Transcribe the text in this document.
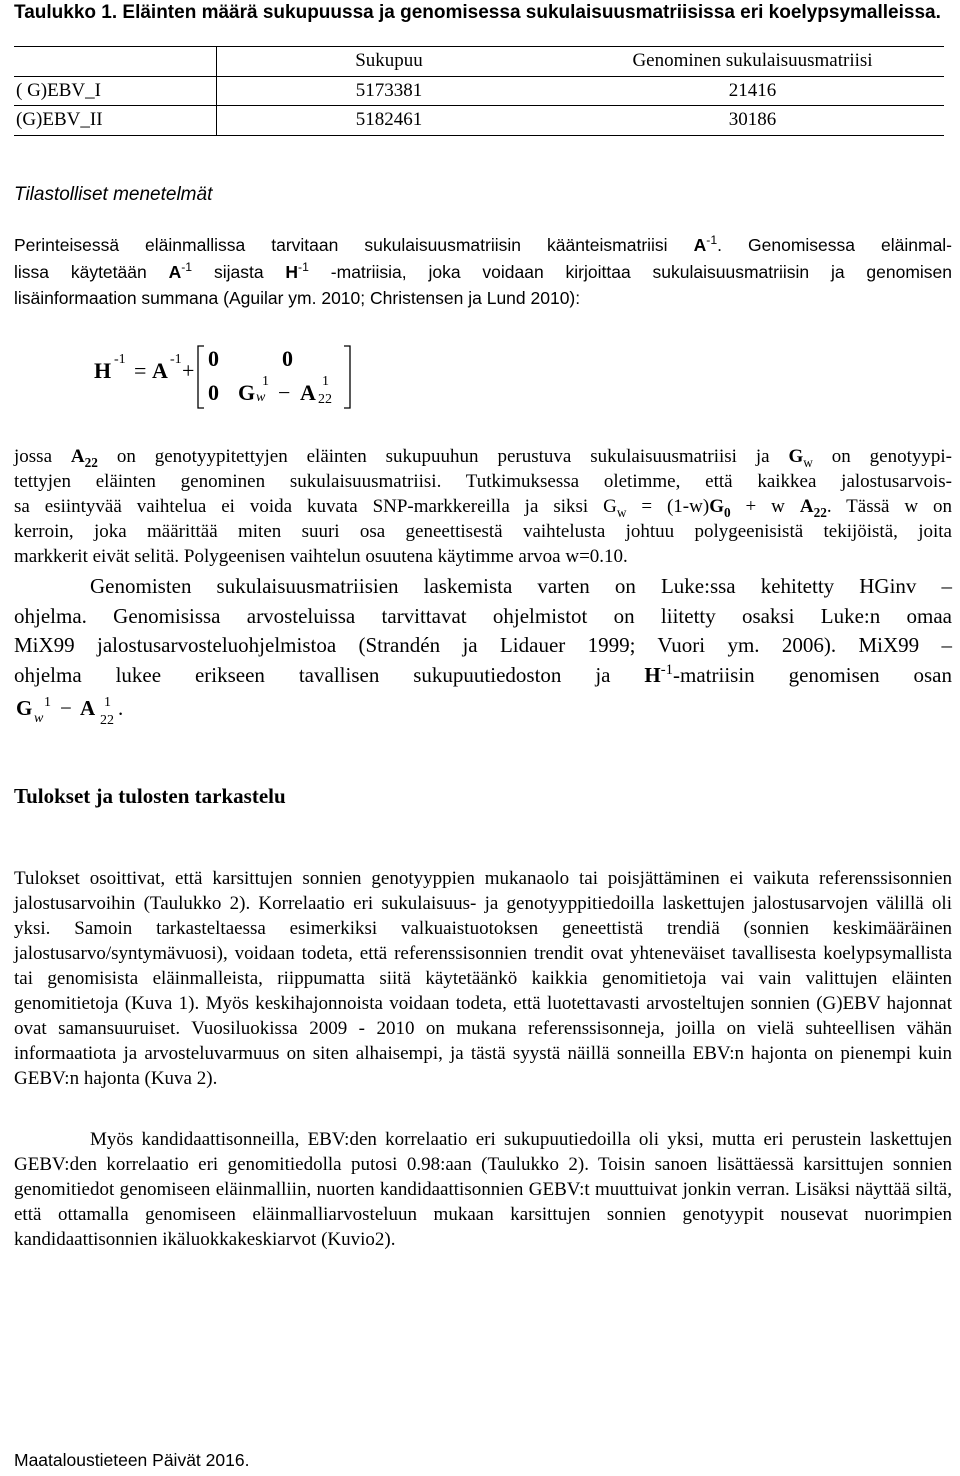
Taulukko 1. Eläinten määrä sukupuussa ja genomisessa sukulaisuusmatriisissa eri koelypsymalleissa.
	Sukupuu	Genominen sukulaisuusmatriisi
( G)EBV_I	5173381	21416
(G)EBV_II	5182461	30186
Tilastolliset menetelmät
Perinteisessä eläinmallissa tarvitaan sukulaisuusmatriisin käänteismatriisi $A^{-1}$. Genomisessa eläinmal-
lissa käytetään $A^{-1}$ sijasta $H^{-1}$ -matriisia, joka voidaan kirjoittaa sukulaisuusmatriisin ja genomisen
lisäinformaation summana (Aguilar ym. 2010; Christensen ja Lund 2010):
H -1 = A -1 + 0	0
0 G w
1 − A 1
22
jossa $A_{22}$ on genotyypitettyjen eläinten sukupuuhun perustuva sukulaisuusmatriisi ja $G_w$ on genotyypi-
tettyjen eläinten genominen sukulaisuusmatriisi. Tutkimuksessa oletimme, että kaikkea jalostusarvois-
sa esiintyvää vaihtelua ei voida kuvata SNP-markkereilla ja siksi $G_w = (1-w)G_0 + w$ $A_{22}$. Tässä w on
kerroin, joka määrittää miten suuri osa geneettisestä vaihtelusta johtuu polygeenisistä tekijöistä, joita
markkerit eivät selitä. Polygeenisen vaihtelun osuutena käytimme arvoa w=0.10.
Genomisten sukulaisuusmatriisien laskemista varten on Luke:ssa kehitetty HGinv –
ohjelma. Genomisissa arvosteluissa tarvittavat ohjelmistot on liitetty osaksi Luke:n omaa
MiX99 jalostusarvosteluohjelmistoa (Strandén ja Lidauer 1999; Vuori ym. 2006). MiX99 –
ohjelma lukee erikseen tavallisen sukupuutiedoston ja $H^{-1}$-matriisin genomisen osan
G w
1 − A 1
22
.
Tulokset ja tulosten tarkastelu
Tulokset osoittivat, että karsittujen sonnien genotyyppien mukanaolo tai poisjättäminen ei vaikuta referenssisonnien jalostusarvoihin (Taulukko 2). Korrelaatio eri sukulaisuus- ja genotyyppitiedoilla laskettujen jalostusarvojen välillä oli yksi. Samoin tarkasteltaessa esimerkiksi valkuaistuotoksen geneettistä trendiä (sonnien keskimääräinen jalostusarvo/syntymävuosi), voidaan todeta, että referenssisonnien trendit ovat yhteneväiset tavallisesta koelypsymallista tai genomisista eläinmalleista, riippumatta siitä käytetäänkö kaikkia genomitietoja vai vain valittujen eläinten genomitietoja (Kuva 1). Myös keskihajonnoista voidaan todeta, että luotettavasti arvosteltujen sonnien (G)EBV hajonnat ovat samansuuruiset. Vuosiluokissa 2009 - 2010 on mukana referenssisonneja, joilla on vielä suhteellisen vähän informaatiota ja arvosteluvarmuus on siten alhaisempi, ja tästä syystä näillä sonneilla EBV:n hajonta on pienempi kuin GEBV:n hajonta (Kuva 2).
Myös kandidaattisonneilla, EBV:den korrelaatio eri sukupuutiedoilla oli yksi, mutta eri perustein laskettujen GEBV:den korrelaatio eri genomitiedolla putosi 0.98:aan (Taulukko 2). Toisin sanoen lisättäessä karsittujen sonnien genomitiedot genomiseen eläinmalliin, nuorten kandidaattisonnien GEBV:t muuttuivat jonkin verran. Lisäksi näyttää siltä, että ottamalla genomiseen eläinmalliarvosteluun mukaan karsittujen sonnien genotyypit nousevat nuorimpien kandidaattisonnien ikäluokkakeskiarvot (Kuvio2).
Maataloustieteen Päivät 2016.
